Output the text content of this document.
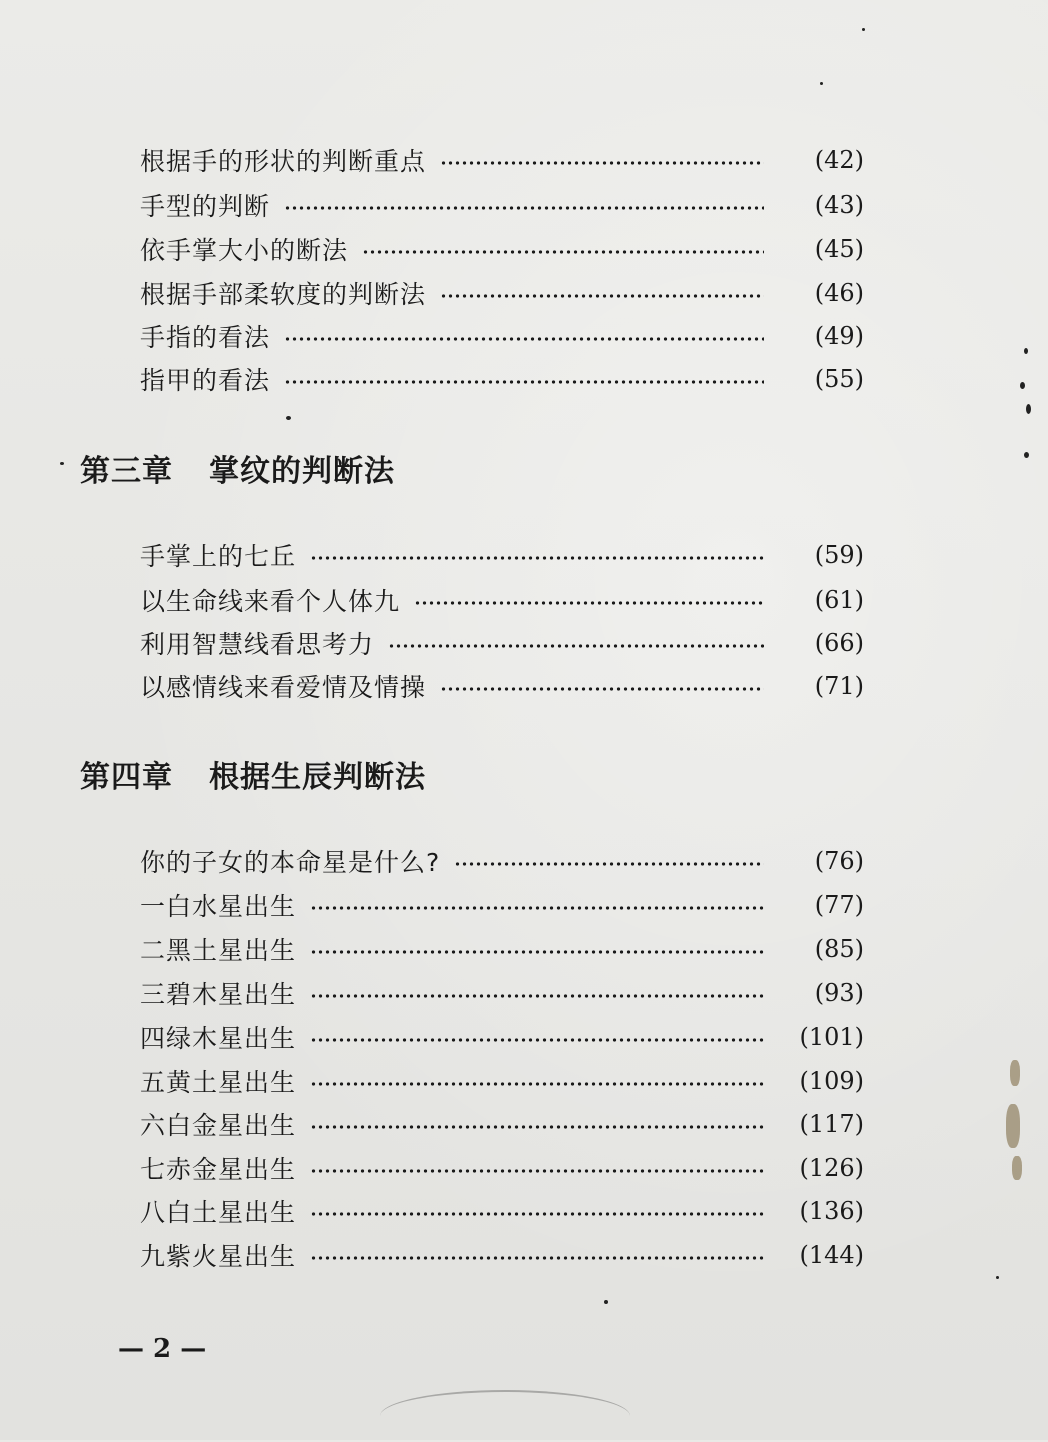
根据手的形状的判断重点	(42)
手型的判断	(43)
依手掌大小的断法	(45)
根据手部柔软度的判断法	(46)
手指的看法	(49)
指甲的看法	(55)
第三章 掌纹的判断法
手掌上的七丘	(59)
以生命线来看个人体九	(61)
利用智慧线看思考力	(66)
以感情线来看爱情及情操	(71)
第四章 根据生辰判断法
你的子女的本命星是什么?	(76)
一白水星出生	(77)
二黑土星出生	(85)
三碧木星出生	(93)
四绿木星出生	(101)
五黄土星出生	(109)
六白金星出生	(117)
七赤金星出生	(126)
八白土星出生	(136)
九紫火星出生	(144)
— 2 —
